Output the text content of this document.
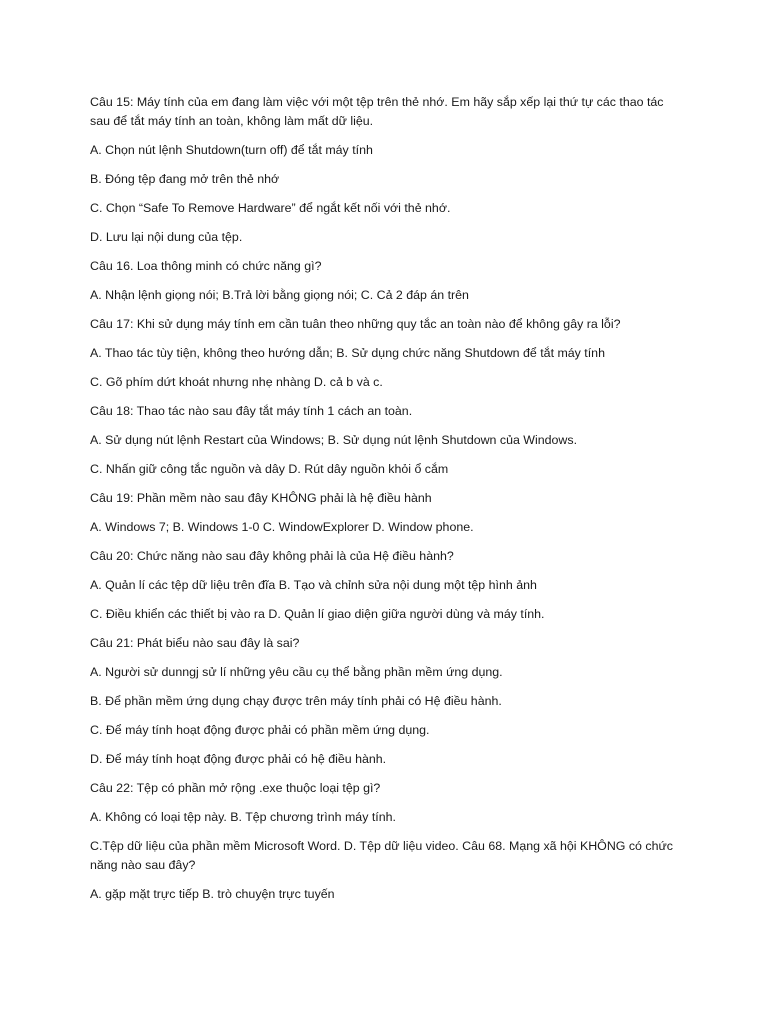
Câu 15: Máy tính của em đang làm việc với một tệp trên thẻ nhớ. Em hãy sắp xếp lại thứ tự các thao tác sau để tắt máy tính an toàn, không làm mất dữ liệu.

A. Chọn nút lệnh Shutdown(turn off) để tắt máy tính

B. Đóng tệp đang mở trên thẻ nhớ

C. Chọn “Safe To Remove Hardware” để ngắt kết nối với thẻ nhớ.

D. Lưu lại nội dung của tệp.

Câu 16. Loa thông minh có chức năng gì?

A. Nhận lệnh giọng nói; B.Trả lời bằng giọng nói; C. Cả 2 đáp án trên

Câu 17: Khi sử dụng máy tính em cần tuân theo những quy tắc an toàn nào để không gây ra lỗi?

A. Thao tác tùy tiện, không theo hướng dẫn; B. Sử dụng chức năng Shutdown để tắt máy tính

C. Gõ phím dứt khoát nhưng nhẹ nhàng D. cả b và c.

Câu 18: Thao tác nào sau đây tắt máy tính 1 cách an toàn.

A. Sử dụng nút lệnh Restart của Windows; B. Sử dụng nút lệnh Shutdown của Windows.

C. Nhấn giữ công tắc nguồn và dây D. Rút dây nguồn khỏi ổ cắm

Câu 19: Phần mềm nào sau đây KHÔNG phải là hệ điều hành

A. Windows 7; B. Windows 1-0 C. WindowExplorer D. Window phone.

Câu 20: Chức năng nào sau đây không phải là của Hệ điều hành?

A. Quản lí các tệp dữ liệu trên đĩa B. Tạo và chỉnh sửa nội dung một tệp hình ảnh

C. Điều khiển các thiết bị vào ra D. Quản lí giao diện giữa người dùng và máy tính.

Câu 21: Phát biểu nào sau đây là sai?

A. Người sử dunngj sử lí những yêu cầu cụ thể bằng phần mềm ứng dụng.

B. Để phần mềm ứng dụng chạy được trên máy tính phải có Hệ điều hành.

C. Để máy tính hoạt động được phải có phần mềm ứng dụng.

D. Để máy tính hoạt động được phải có hệ điều hành.

Câu 22: Tệp có phần mở rộng .exe thuộc loại tệp gì?

A. Không có loại tệp này. B. Tệp chương trình máy tính.

C.Tệp dữ liệu của phần mềm Microsoft Word. D. Tệp dữ liệu video. Câu 68. Mạng xã hội KHÔNG có chức năng nào sau đây?

A. gặp mặt trực tiếp B. trò chuyện trực tuyến
